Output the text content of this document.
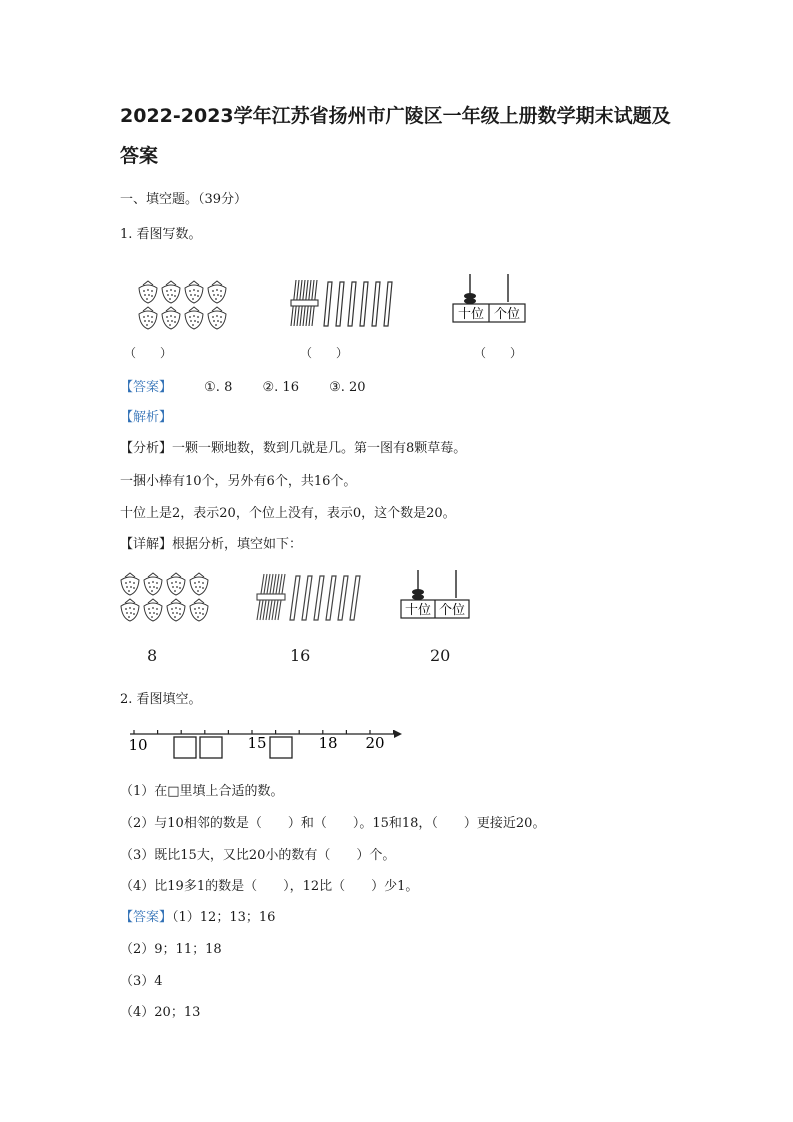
2022-2023学年江苏省扬州市广陵区一年级上册数学期末试题及答案
一、填空题。（39分）
1. 看图写数。
十位 个位
（　　）	（　　）	（　　）
【答案】 ①. 8 ②. 16 ③. 20
【解析】
【分析】一颗一颗地数，数到几就是几。第一图有8颗草莓。
一捆小棒有10个，另外有6个，共16个。
十位上是2，表示20，个位上没有，表示0，这个数是20。
【详解】根据分析，填空如下：
十位 个位
8	16	20
2. 看图填空。
10	15	18 20
（1）在□里填上合适的数。
（2）与10相邻的数是（　　）和（　　）。15和18，（　　）更接近20。
（3）既比15大，又比20小的数有（　　）个。
（4）比19多1的数是（　　），12比（　　）少1。
【答案】（1）12；13；16
（2）9；11；18
（3）4
（4）20；13
